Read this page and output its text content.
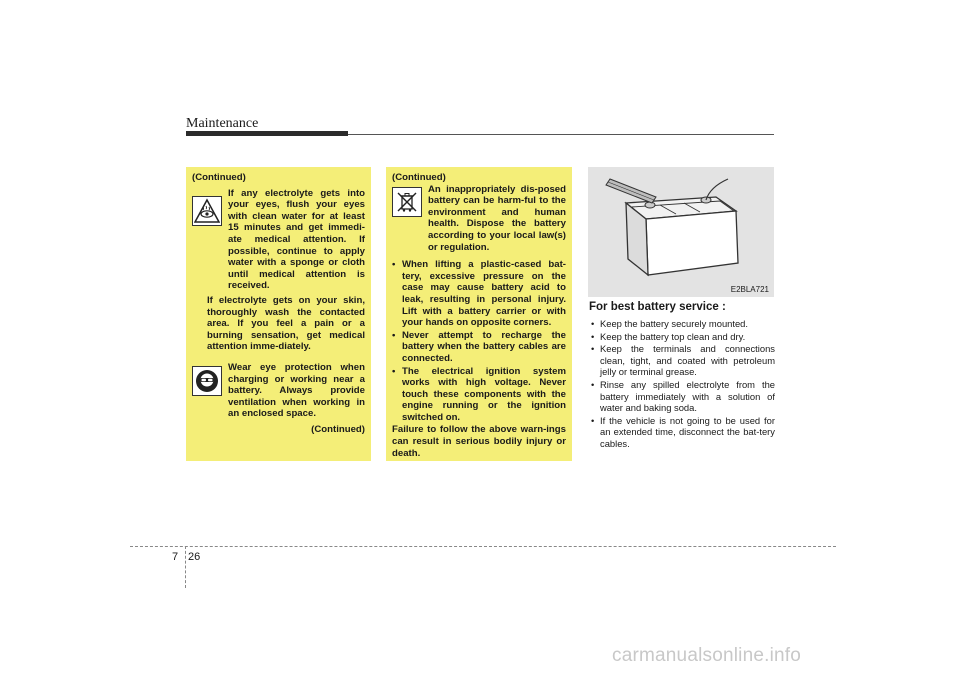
Maintenance
(Continued)
If any electrolyte gets into your eyes, flush your eyes with clean water for at least 15 minutes and get immedi-ate medical attention. If possible, continue to apply water with a sponge or cloth until medical attention is received.
If electrolyte gets on your skin, thoroughly wash the contacted area. If you feel a pain or a burning sensation, get medical attention imme-diately.
Wear eye protection when charging or working near a battery. Always provide ventilation when working in an enclosed space.
(Continued)
(Continued)
An inappropriately dis-posed battery can be harm-ful to the environment and human health. Dispose the battery according to your local law(s) or regulation.
• When lifting a plastic-cased bat-tery, excessive pressure on the case may cause battery acid to leak, resulting in personal injury. Lift with a battery carrier or with your hands on opposite corners.
• Never attempt to recharge the battery when the battery cables are connected.
• The electrical ignition system works with high voltage. Never touch these components with the engine running or the ignition switched on.
Failure to follow the above warn-ings can result in serious bodily injury or death.
E2BLA721
For best battery service :
• Keep the battery securely mounted.
• Keep the battery top clean and dry.
• Keep the terminals and connections clean, tight, and coated with petroleum jelly or terminal grease.
• Rinse any spilled electrolyte from the battery immediately with a solution of water and baking soda.
• If the vehicle is not going to be used for an extended time, disconnect the bat-tery cables.
7 26
carmanualsonline.info
